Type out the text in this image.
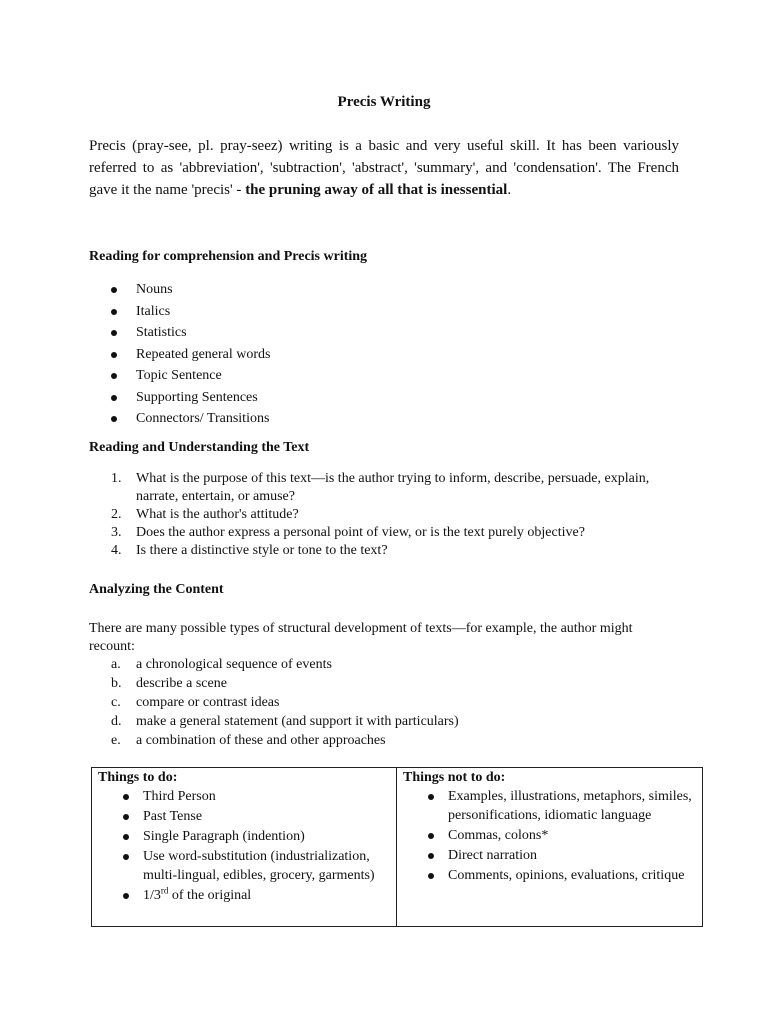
Precis Writing

Precis (pray-see, pl. pray-seez) writing is a basic and very useful skill. It has been variously referred to as 'abbreviation', 'subtraction', 'abstract', 'summary', and 'condensation'. The French gave it the name 'precis' - the pruning away of all that is inessential.

Reading for comprehension and Precis writing
Nouns
Italics
Statistics
Repeated general words
Topic Sentence
Supporting Sentences
Connectors/ Transitions
Reading and Understanding the Text
1. What is the purpose of this text—is the author trying to inform, describe, persuade, explain, narrate, entertain, or amuse?
2. What is the author's attitude?
3. Does the author express a personal point of view, or is the text purely objective?
4. Is there a distinctive style or tone to the text?
Analyzing the Content

There are many possible types of structural development of texts—for example, the author might recount:

a. a chronological sequence of events
b. describe a scene
c. compare or contrast ideas
d. make a general statement (and support it with particulars)
e. a combination of these and other approaches

Things to do:

Third Person
Past Tense
Single Paragraph (indention)
Use word-substitution (industrialization, multi-lingual, edibles, grocery, garments)
1/3rd of the original

Things not to do:

Examples, illustrations, metaphors, similes, personifications, idiomatic language
Commas, colons*
Direct narration
Comments, opinions, evaluations, critique
